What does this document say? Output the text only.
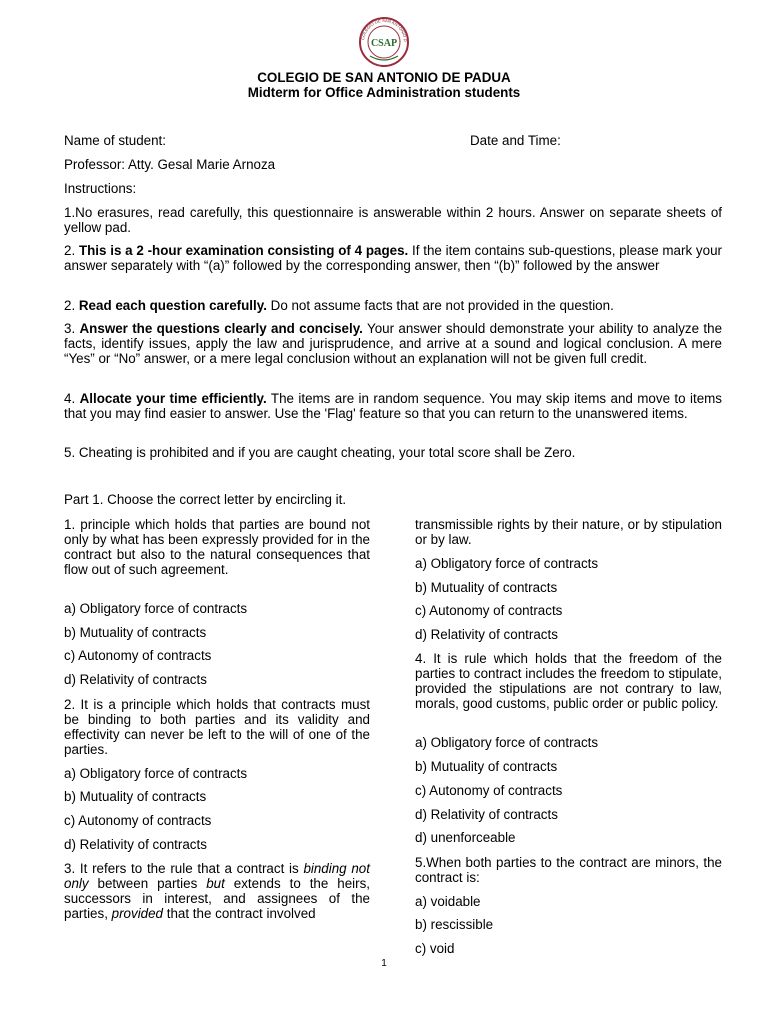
COLEGIO DE SAN ANTONIO D
CSAP
COLEGIO DE SAN ANTONIO DE PADUA
Midterm for Office Administration students
Name of student:	Date and Time:
Professor: Atty. Gesal Marie Arnoza
Instructions:
1.No erasures, read carefully, this questionnaire is answerable within 2 hours. Answer on separate sheets of yellow pad.
2. This is a 2 -hour examination consisting of 4 pages. If the item contains sub-questions, please mark your answer separately with “(a)” followed by the corresponding answer, then “(b)” followed by the answer
2. Read each question carefully. Do not assume facts that are not provided in the question.
3. Answer the questions clearly and concisely. Your answer should demonstrate your ability to analyze the facts, identify issues, apply the law and jurisprudence, and arrive at a sound and logical conclusion. A mere “Yes” or “No” answer, or a mere legal conclusion without an explanation will not be given full credit.
4. Allocate your time efficiently. The items are in random sequence. You may skip items and move to items that you may find easier to answer. Use the 'Flag' feature so that you can return to the unanswered items.
5. Cheating is prohibited and if you are caught cheating, your total score shall be Zero.
Part 1. Choose the correct letter by encircling it.
1. principle which holds that parties are bound not only by what has been expressly provided for in the contract but also to the natural consequences that flow out of such agreement.
a) Obligatory force of contracts
b) Mutuality of contracts
c) Autonomy of contracts
d) Relativity of contracts
2. It is a principle which holds that contracts must be binding to both parties and its validity and effectivity can never be left to the will of one of the parties.
a) Obligatory force of contracts
b) Mutuality of contracts
c) Autonomy of contracts
d) Relativity of contracts
3. It refers to the rule that a contract is binding not only between parties but extends to the heirs, successors in interest, and assignees of the parties, provided that the contract involved
transmissible rights by their nature, or by stipulation or by law.
a) Obligatory force of contracts
b) Mutuality of contracts
c) Autonomy of contracts
d) Relativity of contracts
4. It is rule which holds that the freedom of the parties to contract includes the freedom to stipulate, provided the stipulations are not contrary to law, morals, good customs, public order or public policy.
a) Obligatory force of contracts
b) Mutuality of contracts
c) Autonomy of contracts
d) Relativity of contracts
d) unenforceable
5.When both parties to the contract are minors, the contract is:
a) voidable
b) rescissible
c) void
1
